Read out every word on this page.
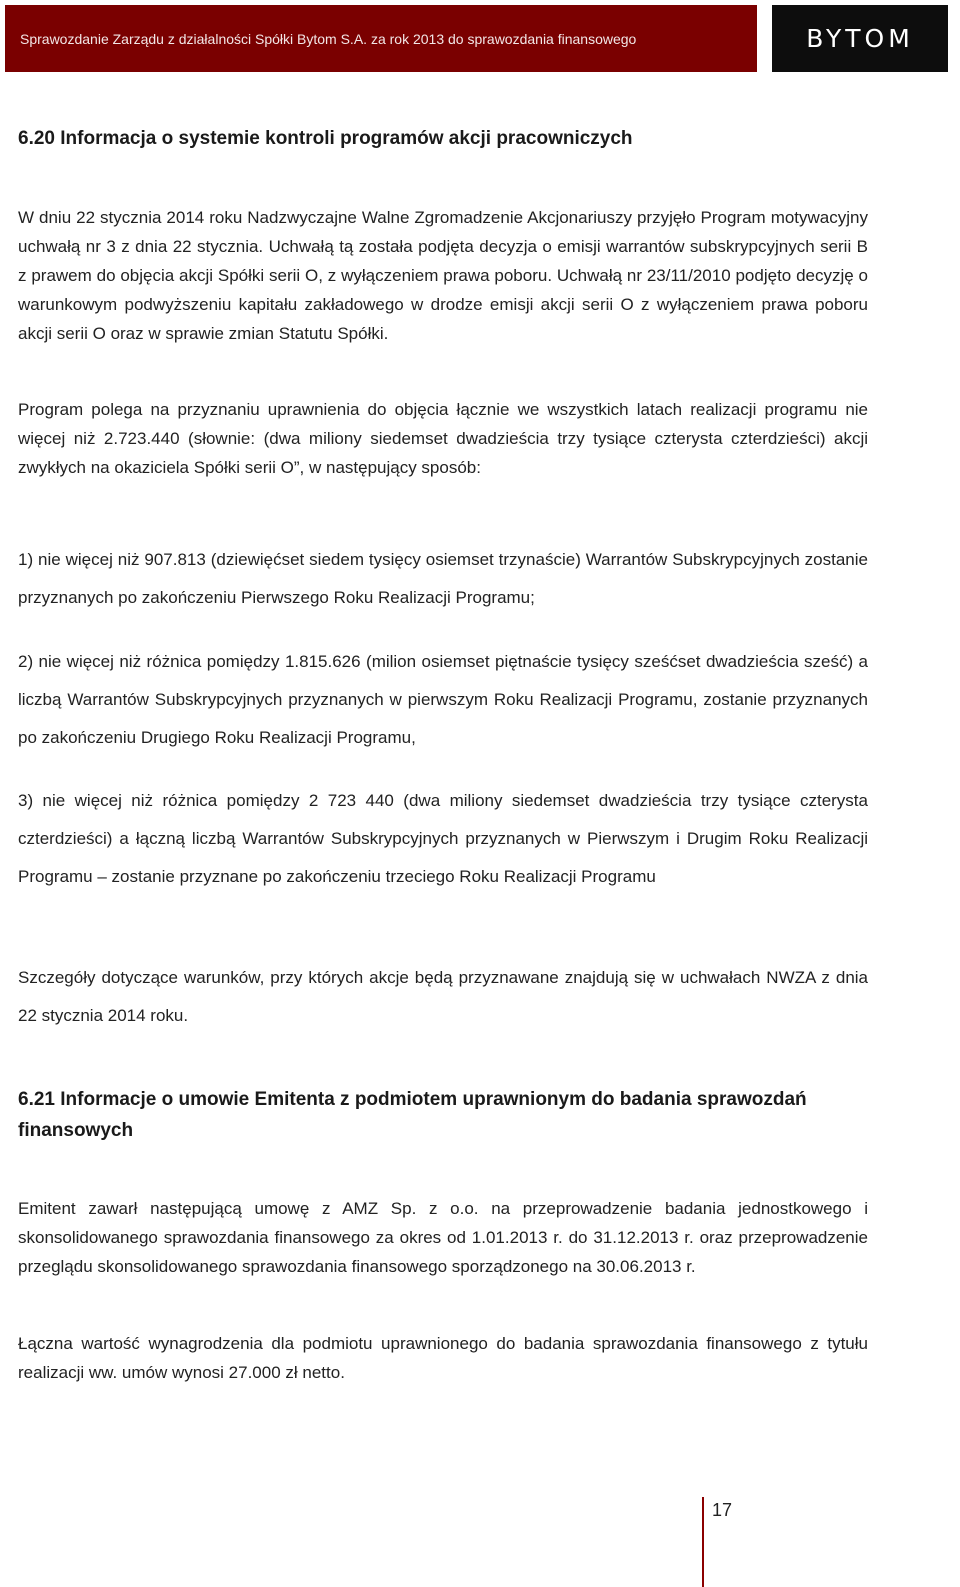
Sprawozdanie Zarządu z działalności Spółki Bytom S.A. za rok 2013 do sprawozdania finansowego	BYTOM
6.20 Informacja o systemie kontroli programów akcji pracowniczych

W dniu 22 stycznia 2014 roku Nadzwyczajne Walne Zgromadzenie Akcjonariuszy przyjęło Program motywacyjny uchwałą nr 3 z dnia 22 stycznia. Uchwałą tą została podjęta decyzja o emisji warrantów subskrypcyjnych serii B z prawem do objęcia akcji Spółki serii O, z wyłączeniem prawa poboru. Uchwałą nr 23/11/2010 podjęto decyzję o warunkowym podwyższeniu kapitału zakładowego w drodze emisji akcji serii O z wyłączeniem prawa poboru akcji serii O oraz w sprawie zmian Statutu Spółki.

Program polega na przyznaniu uprawnienia do objęcia łącznie we wszystkich latach realizacji programu nie więcej niż 2.723.440 (słownie: (dwa miliony siedemset dwadzieścia trzy tysiące czterysta czterdzieści) akcji zwykłych na okaziciela Spółki serii O”, w następujący sposób:

1) nie więcej niż 907.813 (dziewięćset siedem tysięcy osiemset trzynaście) Warrantów Subskrypcyjnych zostanie przyznanych po zakończeniu Pierwszego Roku Realizacji Programu;

2) nie więcej niż różnica pomiędzy 1.815.626 (milion osiemset piętnaście tysięcy sześćset dwadzieścia sześć) a liczbą Warrantów Subskrypcyjnych przyznanych w pierwszym Roku Realizacji Programu, zostanie przyznanych po zakończeniu Drugiego Roku Realizacji Programu,

3) nie więcej niż różnica pomiędzy 2 723 440 (dwa miliony siedemset dwadzieścia trzy tysiące czterysta czterdzieści) a łączną liczbą Warrantów Subskrypcyjnych przyznanych w Pierwszym i Drugim Roku Realizacji Programu – zostanie przyznane po zakończeniu trzeciego Roku Realizacji Programu

Szczegóły dotyczące warunków, przy których akcje będą przyznawane znajdują się w uchwałach NWZA z dnia 22 stycznia 2014 roku.

6.21 Informacje o umowie Emitenta z podmiotem uprawnionym do badania sprawozdań finansowych

Emitent zawarł następującą umowę z AMZ Sp. z o.o. na przeprowadzenie badania jednostkowego i skonsolidowanego sprawozdania finansowego za okres od 1.01.2013 r. do 31.12.2013 r. oraz przeprowadzenie przeglądu skonsolidowanego sprawozdania finansowego sporządzonego na 30.06.2013 r.

Łączna wartość wynagrodzenia dla podmiotu uprawnionego do badania sprawozdania finansowego z tytułu realizacji ww. umów wynosi 27.000 zł netto.

17
